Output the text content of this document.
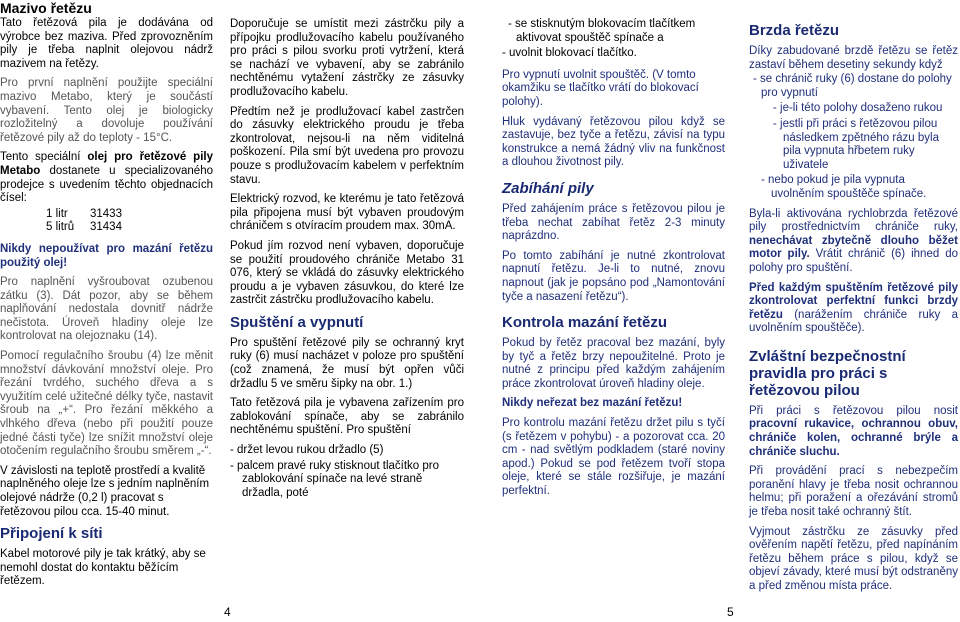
Mazivo řetězu

Tato řetězová pila je dodávána od výrobce bez maziva. Před zprovozněním pily je třeba naplnit olejovou nádrž mazivem na řetězy.

Pro první naplnění použijte speciální mazivo Metabo, který je součástí vybavení. Tento olej je biologicky rozložitelný a dovoluje používání řetězové pily až do teploty - 15°C.

Tento speciální olej pro řetězové pily Metabo dostanete u specializovaného prodejce s uvedením těchto objednacích čísel:

1 litr	31433
5 litrů	31434

Nikdy nepoužívat pro mazání řetězu použitý olej!

Pro naplnění vyšroubovat ozubenou zátku (3). Dát pozor, aby se během naplňování nedostala dovnitř nádrže nečistota. Úroveň hladiny oleje lze kontrolovat na olejoznaku (14).

Pomocí regulačního šroubu (4) lze měnit množství dávkování množství oleje. Pro řezání tvrdého, suchého dřeva a s využitím celé užitečné délky tyče, nastavit šroub na „+“. Pro řezání měkkého a vlhkého dřeva (nebo při použití pouze jedné části tyče) lze snížit množství oleje otočením regulačního šroubu směrem „-“.

V závislosti na teplotě prostředí a kvalitě naplněného oleje lze s jedním naplněním olejové nádrže (0,2 l) pracovat s řetězovou pilou cca. 15-40 minut.

Připojení k síti

Kabel motorové pily je tak krátký, aby se nemohl dostat do kontaktu běžícím řetězem.

Doporučuje se umístit mezi zástrčku pily a přípojku prodlužovacího kabelu používaného pro práci s pilou svorku proti vytržení, která se nachází ve vybavení, aby se zabránilo nechtěnému vytažení zástrčky ze zásuvky prodlužovacího kabelu.

Předtím než je prodlužovací kabel zastrčen do zásuvky elektrického proudu je třeba zkontrolovat, nejsou-li na něm viditelná poškození. Pila smí být uvedena pro provozu pouze s prodlužovacím kabelem v perfektním stavu.

Elektrický rozvod, ke kterému je tato řetězová pila připojena musí být vybaven proudovým chráničem s otvíracím proudem max. 30mA.

Pokud jím rozvod není vybaven, doporučuje se použití proudového chrániče Metabo 31 076, který se vkládá do zásuvky elektrického proudu a je vybaven zásuvkou, do které lze zastrčit zástrčku prodlužovacího kabelu.

Spuštění a vypnutí

Pro spuštění řetězové pily se ochranný kryt ruky (6) musí nacházet v poloze pro spuštění (což znamená, že musí být opřen vůči držadlu 5 ve směru šipky na obr. 1.)

Tato řetězová pila je vybavena zařízením pro zablokování spínače, aby se zabránilo nechtěnému spuštění. Pro spuštění

- držet levou rukou držadlo (5)
- palcem pravé ruky stisknout tlačítko pro zablokování spínače na levé straně držadla, poté
- se stisknutým blokovacím tlačítkem aktivovat spouštěč spínače a
- uvolnit blokovací tlačítko.

Pro vypnutí uvolnit spouštěč. (V tomto okamžiku se tlačítko vrátí do blokovací polohy).

Hluk vydávaný řetězovou pilou když se zastavuje, bez tyče a řetězu, závisí na typu konstrukce a nemá žádný vliv na funkčnost a dlouhou životnost pily.

Zabíhání pily

Před zahájením práce s řetězovou pilou je třeba nechat zabíhat řetěz 2-3 minuty naprázdno.

Po tomto zabíhání je nutné zkontrolovat napnutí řetězu. Je-li to nutné, znovu napnout (jak je popsáno pod „Namontování tyče a nasazení řetězu“).

Kontrola mazání řetězu

Pokud by řetěz pracoval bez mazání, byly by tyč a řetěz brzy nepoužitelné. Proto je nutné z principu před každým zahájením práce zkontrolovat úroveň hladiny oleje.

Nikdy neřezat bez mazání řetězu!

Pro kontrolu mazání řetězu držet pilu s tyčí (s řetězem v pohybu) - a pozorovat cca. 20 cm - nad světlým podkladem (staré noviny apod.) Pokud se pod řetězem tvoří stopa oleje, které se stále rozšiřuje, je mazání perfektní.

Brzda řetězu

Díky zabudované brzdě řetězu se řetěz zastaví během desetiny sekundy když

- se chránič ruky (6) dostane do polohy pro vypnutí
- je-li této polohy dosaženo rukou
- jestli při práci s řetězovou pilou následkem zpětného rázu byla pila vypnuta hřbetem ruky uživatele
- nebo pokud je pila vypnuta uvolněním spouštěče spínače.

Byla-li aktivována rychlobrzda řetězové pily prostřednictvím chrániče ruky, nenechávat zbytečně dlouho běžet motor pily. Vrátit chránič (6) ihned do polohy pro spuštění.

Před každým spuštěním řetězové pily zkontrolovat perfektní funkci brzdy řetězu (narážením chrániče ruky a uvolněním spouštěče).

Zvláštní bezpečnostní pravidla pro práci s řetězovou pilou

Při práci s řetězovou pilou nosit pracovní rukavice, ochrannou obuv, chrániče kolen, ochranné brýle a chrániče sluchu.

Při provádění prací s nebezpečím poranění hlavy je třeba nosit ochrannou helmu; při poražení a ořezávání stromů je třeba nosit také ochranný štít.

Vyjmout zástrčku ze zásuvky před ověřením napětí řetězu, před napínáním řetězu během práce s pilou, když se objeví závady, které musí být odstraněny a před změnou místa práce.

4	5
